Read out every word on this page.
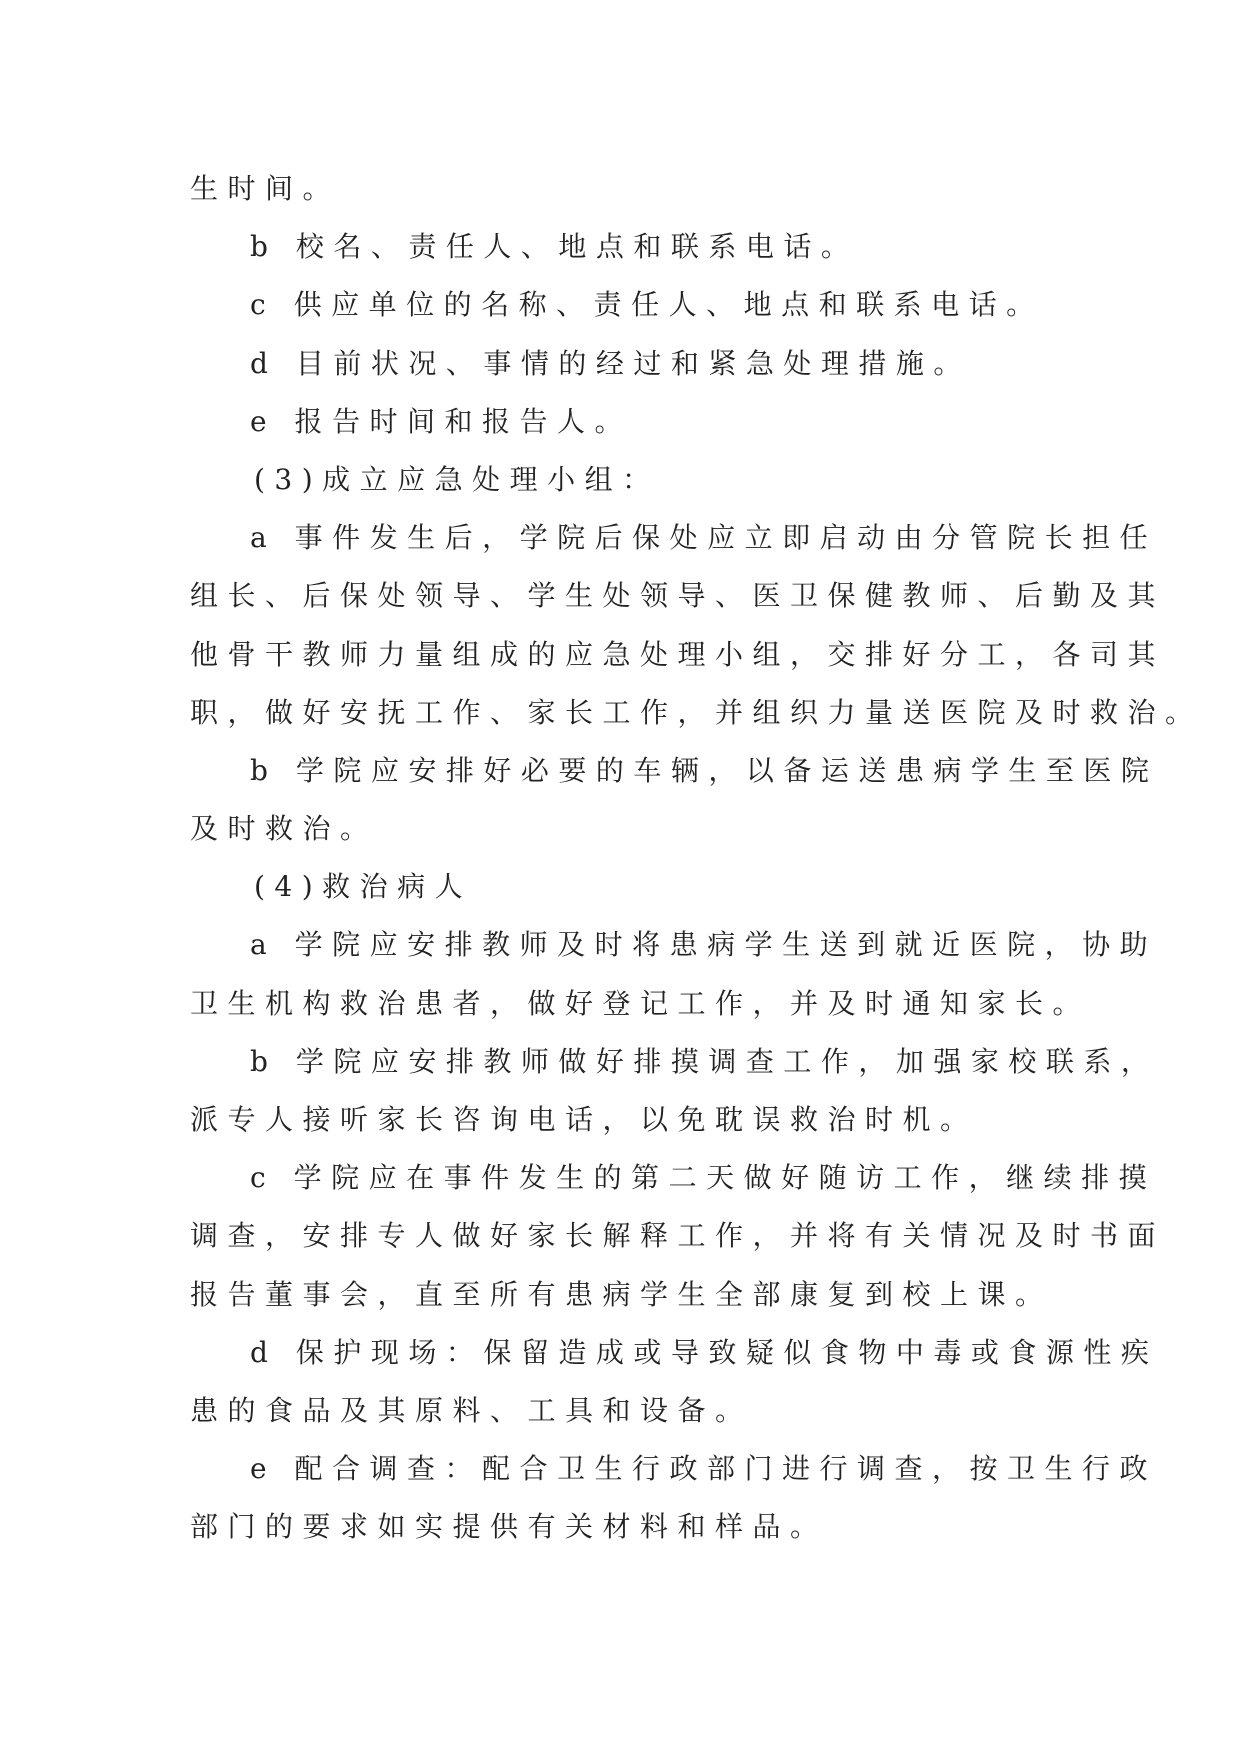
生时间。
b 校名、责任人、地点和联系电话。
c 供应单位的名称、责任人、地点和联系电话。
d 目前状况、事情的经过和紧急处理措施。
e 报告时间和报告人。
(3)成立应急处理小组：
a 事件发生后，学院后保处应立即启动由分管院长担任
组长、后保处领导、学生处领导、医卫保健教师、后勤及其
他骨干教师力量组成的应急处理小组，交排好分工，各司其
职，做好安抚工作、家长工作，并组织力量送医院及时救治。
b 学院应安排好必要的车辆，以备运送患病学生至医院
及时救治。
(4)救治病人
a 学院应安排教师及时将患病学生送到就近医院，协助
卫生机构救治患者，做好登记工作，并及时通知家长。
b 学院应安排教师做好排摸调查工作，加强家校联系，
派专人接听家长咨询电话，以免耽误救治时机。
c 学院应在事件发生的第二天做好随访工作，继续排摸
调查，安排专人做好家长解释工作，并将有关情况及时书面
报告董事会，直至所有患病学生全部康复到校上课。
d 保护现场：保留造成或导致疑似食物中毒或食源性疾
患的食品及其原料、工具和设备。
e 配合调查：配合卫生行政部门进行调查，按卫生行政
部门的要求如实提供有关材料和样品。
